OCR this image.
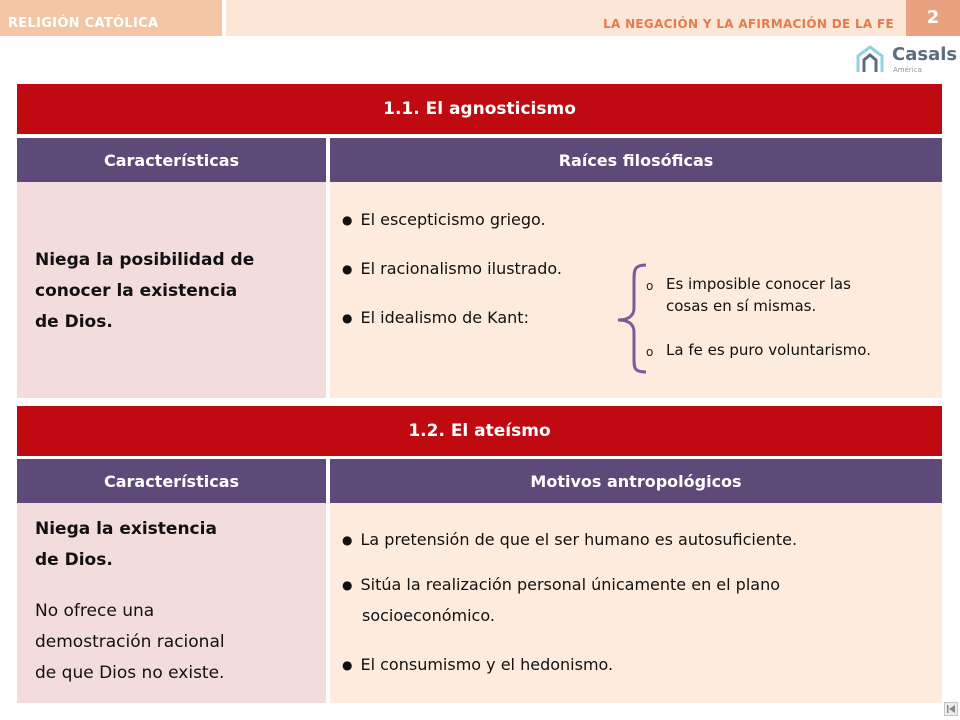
RELIGIÓN CATÓLICA	LA NEGACIÓN Y LA AFIRMACIÓN DE LA FE	2
Casals
América
1.1. El agnosticismo
Características	Raíces filosóficas
Niega la posibilidad de
conocer la existencia
de Dios.
● El escepticismo griego.
● El racionalismo ilustrado.
● El idealismo de Kant:
o Es imposible conocer las
cosas en sí mismas.
o La fe es puro voluntarismo.
1.2. El ateísmo
Características	Motivos antropológicos
Niega la existencia
de Dios.
No ofrece una
demostración racional
de que Dios no existe.
● La pretensión de que el ser humano es autosuficiente.
● Sitúa la realización personal únicamente en el plano
socioeconómico.
● El consumismo y el hedonismo.
